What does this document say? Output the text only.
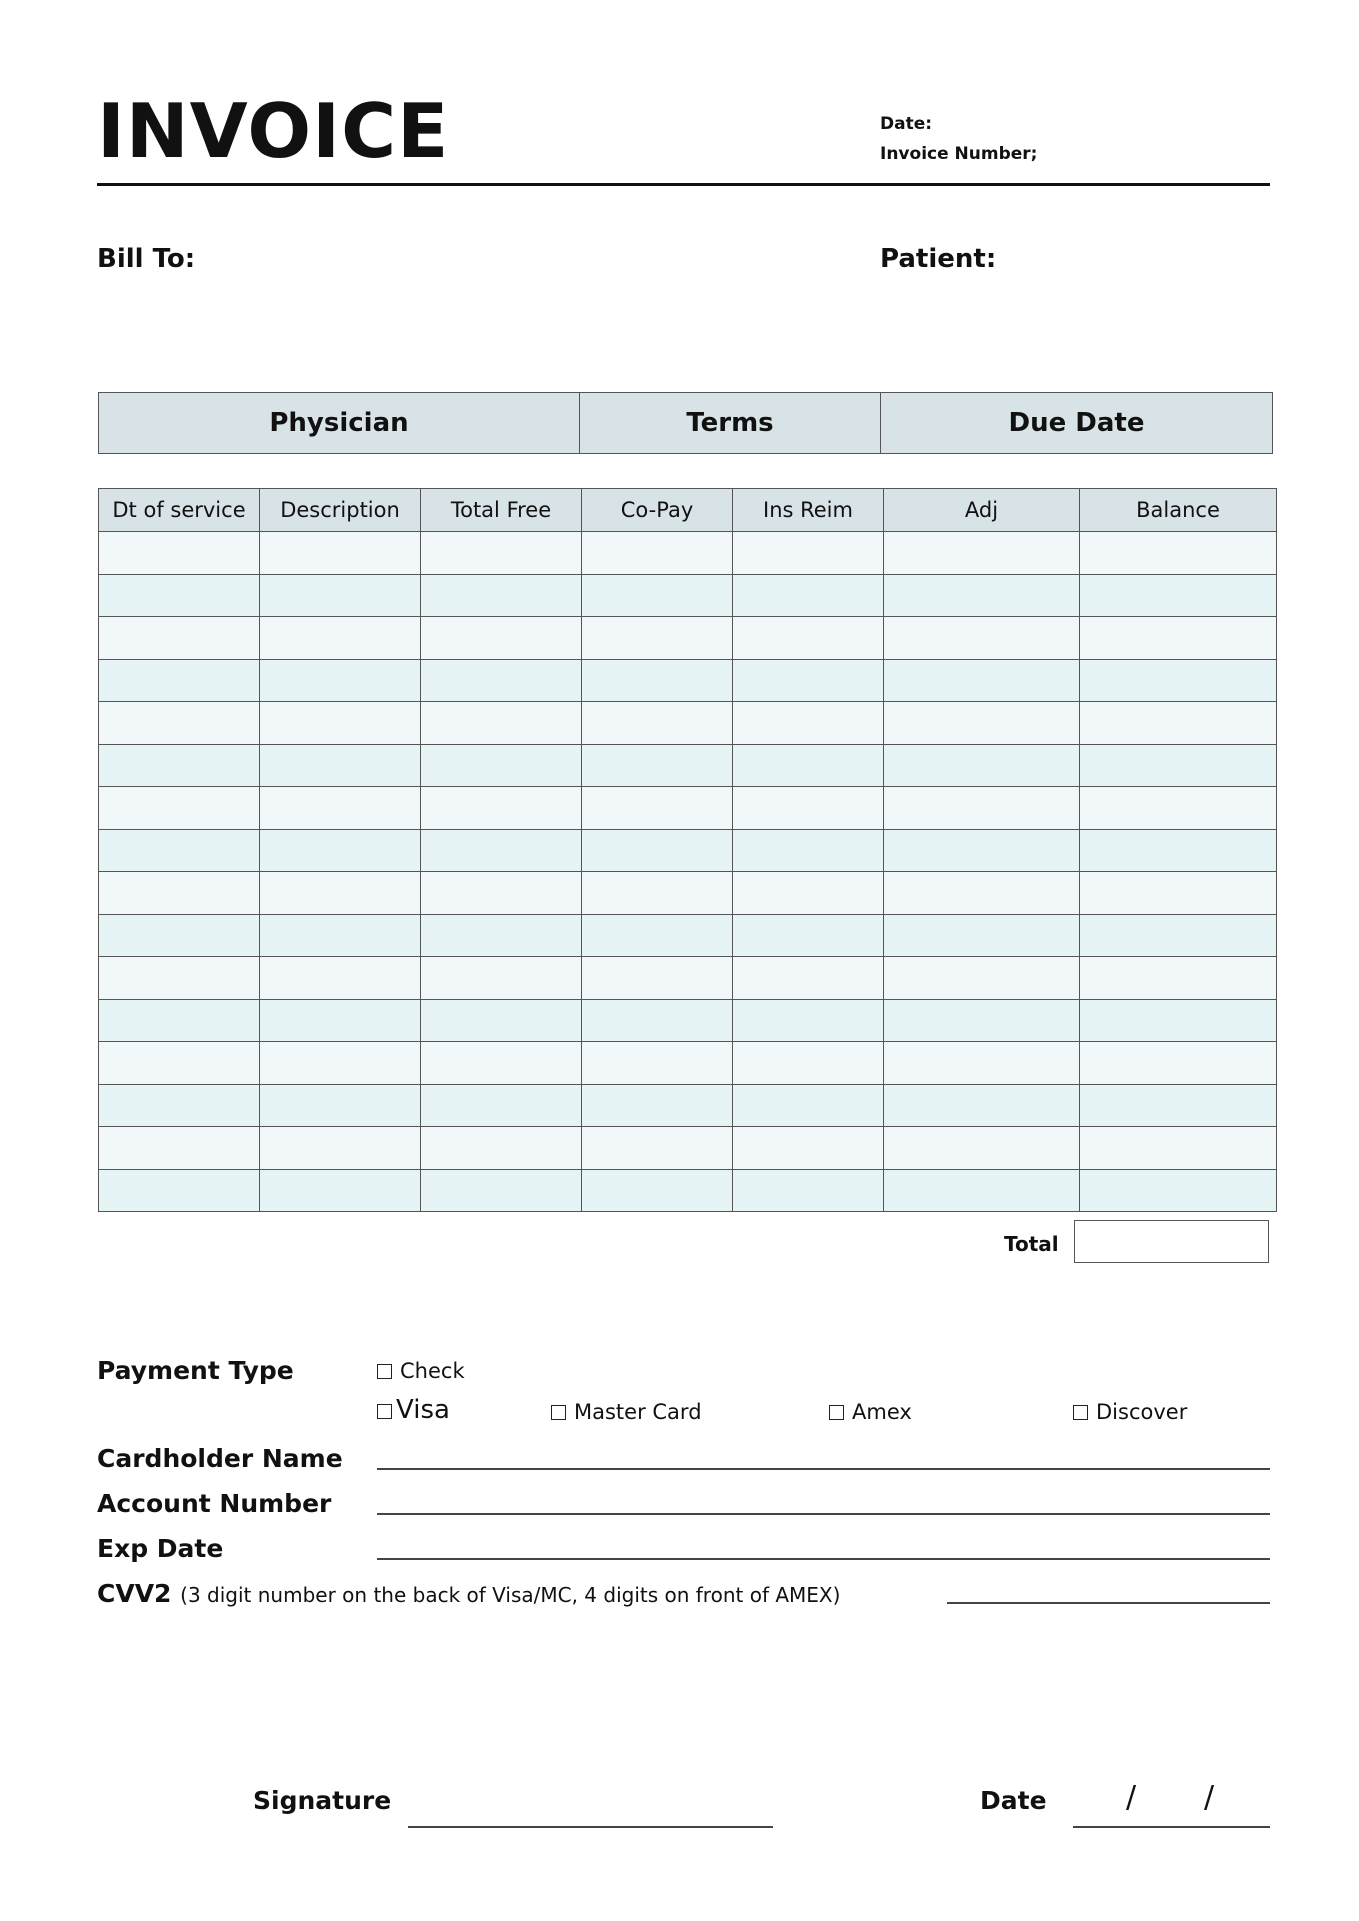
INVOICE	Date:
Invoice Number;
Bill To:	Patient:
Physician	Terms	Due Date
Dt of service	Description	Total Free	Co-Pay	Ins Reim	Adj	Balance

Total
Payment Type	Check
Visa	Master Card	Amex	Discover
Cardholder Name
Account Number
Exp Date
CVV2 (3 digit number on the back of Visa/MC, 4 digits on front of AMEX)
Signature	Date	/ /
